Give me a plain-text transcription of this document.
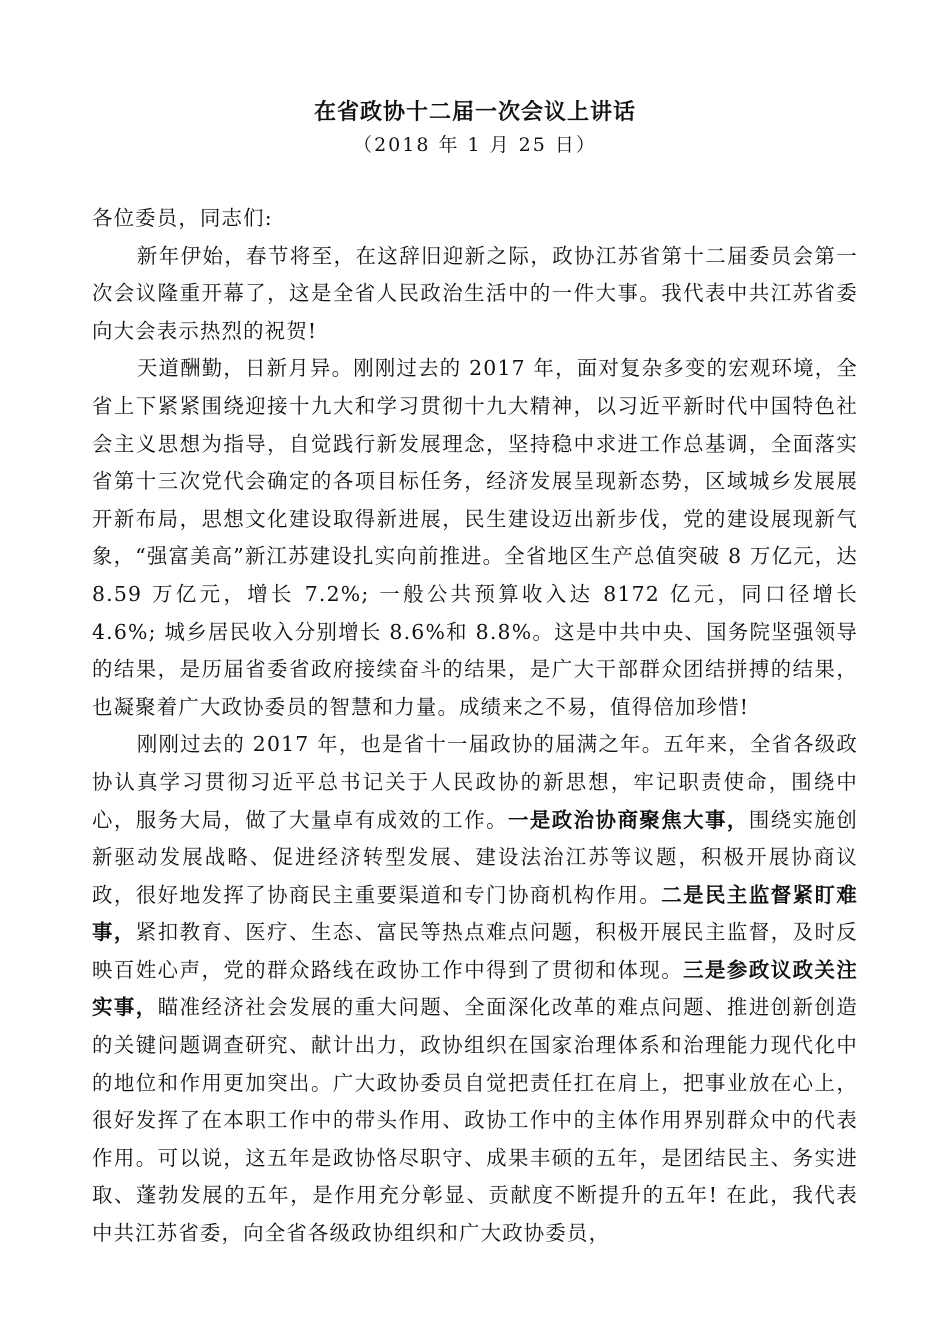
在省政协十二届一次会议上讲话
（2018 年 1 月 25 日）

各位委员，同志们:

新年伊始，春节将至，在这辞旧迎新之际，政协江苏省第十二届委员会第一次会议隆重开幕了，这是全省人民政治生活中的一件大事。我代表中共江苏省委向大会表示热烈的祝贺!

天道酬勤，日新月异。刚刚过去的 2017 年，面对复杂多变的宏观环境，全省上下紧紧围绕迎接十九大和学习贯彻十九大精神，以习近平新时代中国特色社会主义思想为指导，自觉践行新发展理念，坚持稳中求进工作总基调，全面落实省第十三次党代会确定的各项目标任务，经济发展呈现新态势，区域城乡发展展开新布局，思想文化建设取得新进展，民生建设迈出新步伐，党的建设展现新气象，“强富美高”新江苏建设扎实向前推进。全省地区生产总值突破 8 万亿元，达 8.59 万亿元，增长 7.2%; 一般公共预算收入达 8172 亿元，同口径增长 4.6%; 城乡居民收入分别增长 8.6%和 8.8%。这是中共中央、国务院坚强领导的结果，是历届省委省政府接续奋斗的结果，是广大干部群众团结拼搏的结果，也凝聚着广大政协委员的智慧和力量。成绩来之不易，值得倍加珍惜!

刚刚过去的 2017 年，也是省十一届政协的届满之年。五年来，全省各级政协认真学习贯彻习近平总书记关于人民政协的新思想，牢记职责使命，围绕中心，服务大局，做了大量卓有成效的工作。一是政治协商聚焦大事，围绕实施创新驱动发展战略、促进经济转型发展、建设法治江苏等议题，积极开展协商议政，很好地发挥了协商民主重要渠道和专门协商机构作用。二是民主监督紧盯难事，紧扣教育、医疗、生态、富民等热点难点问题，积极开展民主监督，及时反映百姓心声，党的群众路线在政协工作中得到了贯彻和体现。三是参政议政关注实事，瞄准经济社会发展的重大问题、全面深化改革的难点问题、推进创新创造的关键问题调查研究、献计出力，政协组织在国家治理体系和治理能力现代化中的地位和作用更加突出。广大政协委员自觉把责任扛在肩上，把事业放在心上，很好发挥了在本职工作中的带头作用、政协工作中的主体作用界别群众中的代表作用。可以说，这五年是政协恪尽职守、成果丰硕的五年，是团结民主、务实进取、蓬勃发展的五年，是作用充分彰显、贡献度不断提升的五年! 在此，我代表中共江苏省委，向全省各级政协组织和广大政协委员，
